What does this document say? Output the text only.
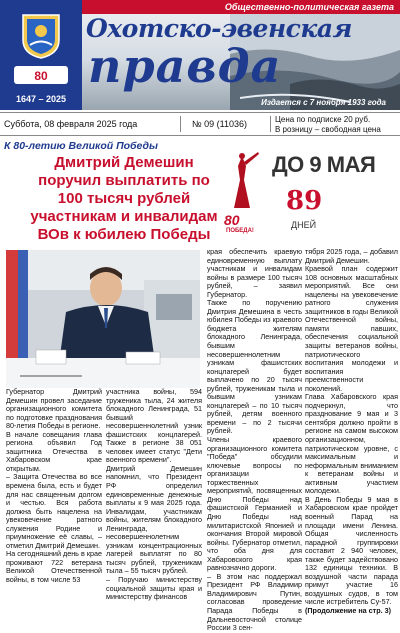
80
1647 – 2025
Общественно-политическая газета
Охотско-эвенская
правда
Издается с 7 ноября 1933 года
Суббота, 08 февраля 2025 года	№ 09 (11036)	Цена по подписке 20 руб.
В розницу – свободная цена
К 80-летию Великой Победы
Дмитрий Демешин поручил выплатить по 100 тысяч рублей участникам и инвалидам ВОв к юбилею Победы
80
ПОБЕДА!
ДО 9 МАЯ
89
ДНЕЙ
Губернатор Дмитрий Демешин провел заседание организационного комитета по подготовке празднования 80-летия Победы в регионе.
В начале совещания глава региона объявил Год защитника Отечества в Хабаровском крае открытым.
– Защита Отечества во все времена была, есть и будет для нас священным долгом и честью. Вся работа должна быть нацелена на увековечение ратного служения Родине и приумножение её славы, – отметил Дмитрий Демешин.
На сегодняшний день в крае проживают 722 ветерана Великой Отечественной войны, в том числе 53
участника войны, 594 труженика тыла, 24 жителя блокадного Ленинграда, 51 бывший несовершеннолетний узник фашистских концлагерей. Также в регионе 38 051 человек имеет статус "Дети военного времени".
Дмитрий Демешин напомнил, что Президент РФ определил единовременные денежные выплаты к 9 мая 2025 года. Инвалидам, участникам войны, жителям блокадного Ленинграда, несовершеннолетним узникам концентрационных лагерей выплатят по 80 тысяч рублей, труженикам тыла – 55 тысяч рублей.
– Поручаю министерству социальной защиты края и министерству финансов
края обеспечить краевую единовременную выплату участникам и инвалидам войны в размере 100 тысяч рублей, – заявил Губернатор.
Также по поручению Дмитрия Демешина в честь юбилея Победы из краевого бюджета жителям блокадного Ленинграда, бывшим несовершеннолетним узникам фашистских концлагерей будет выплачено по 20 тысяч рублей, труженикам тыла и бывшим узникам концлагерей – по 10 тысяч рублей, детям военного времени – по 2 тысячи рублей.
Члены краевого организационного комитета "Победа" обсудили ключевые вопросы по организации торжественных мероприятий, посвященных Дню Победы над фашистской Германией и Дню Победы над милитаристской Японией и окончания Второй мировой войны. Губернатор отметил, что оба дня для Хабаровского края равнозначно дороги.
– В этом нас поддержал Президент РФ Владимир Владимирович Путин, согласовав проведение Парада Победы в Дальневосточной столице России 3 сен-
тября 2025 года, – добавил Дмитрий Демешин.
Краевой план содержит 108 основных масштабных мероприятий. Все они нацелены на увековечение ратного служения защитников в годы Великой Отечественной войны, памяти павших, обеспечения социальной защиты ветеранов войны, патриотического воспитания молодежи и воспитания преемственности поколений.
Глава Хабаровского края подчеркнул, что празднование 9 мая и 3 сентября должно пройти в регионе на самом высоком организационном, патриотическом уровне, с максимальным и неформальным вниманием к ветеранам войны и активным участием молодежи.
В День Победы 9 мая в Хабаровском крае пройдет военный Парад на площади имени Ленина. Общая численность парадной группировки составит 2 940 человек, также будет задействовано 132 единицы техники. В воздушной части парада примут участие 16 воздушных судов, в том числе истребитель Су-57.
(Продолжение на стр. 3)
